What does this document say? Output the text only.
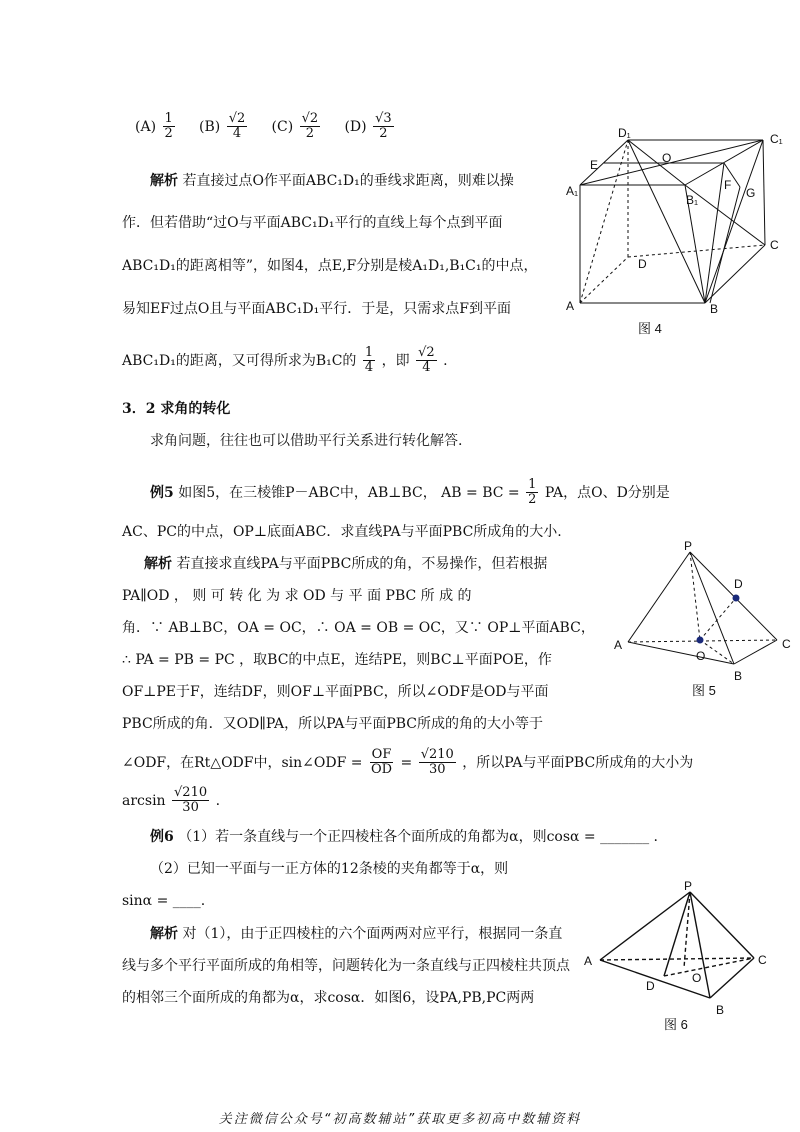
$(A) \frac{1}{2} (B) \frac{√2}{4} (C) \frac{√2}{2} (D) \frac{√3}{2}$
解析 若直接过点O作平面ABC₁D₁的垂线求距离，则难以操
作．但若借助“过O与平面ABC₁D₁平行的直线上每个点到平面
ABC₁D₁的距离相等”，如图4，点E,F分别是棱A₁D₁,B₁C₁的中点，
易知EF过点O且与平面ABC₁D₁平行．于是，只需求点F到平面
ABC₁D₁的距离，又可得所求为B₁C的 $\frac{1}{4}$ ，即 $\frac{√2}{4}$ .
D₁	C₁
O
E
A₁	F
G
B₁
D
C
A	B
图 4
3．2 求角的转化
求角问题，往往也可以借助平行关系进行转化解答.
例5 如图5，在三棱锥P－ABC中，AB⊥BC， AB = BC = $\frac{1}{2}$ PA，点O、D分别是
AC、PC的中点，OP⊥底面ABC．求直线PA与平面PBC所成角的大小.
解析 若直接求直线PA与平面PBC所成的角，不易操作，但若根据
PA∥OD ， 则 可 转 化 为 求 OD 与 平 面 PBC 所 成 的
角．∵ AB⊥BC，OA = OC，∴ OA = OB = OC，又∵ OP⊥平面ABC，
∴ PA = PB = PC ，取BC的中点E，连结PE，则BC⊥平面POE，作
OF⊥PE于F，连结DF，则OF⊥平面PBC，所以∠ODF是OD与平面
PBC所成的角．又OD∥PA，所以PA与平面PBC所成的角的大小等于
∠ODF，在Rt△ODF中，sin∠ODF = $\frac{OF}{OD} = \frac{√210}{30}$ ，所以PA与平面PBC所成角的大小为
$\arcsin \frac{√210}{30}$ .
P
D
A	C
O
B
图 5
例6 （1）若一条直线与一个正四棱柱各个面所成的角都为α，则cosα = _______ .
（2）已知一平面与一正方体的12条棱的夹角都等于α，则
sinα = ____.
解析 对（1），由于正四棱柱的六个面两两对应平行，根据同一条直
线与多个平行平面所成的角相等，问题转化为一条直线与正四棱柱共顶点
的相邻三个面所成的角都为α，求cosα．如图6，设PA,PB,PC两两
P
A	C
D
O
B
图 6
关注微信公众号“初高数辅站”获取更多初高中数辅资料
